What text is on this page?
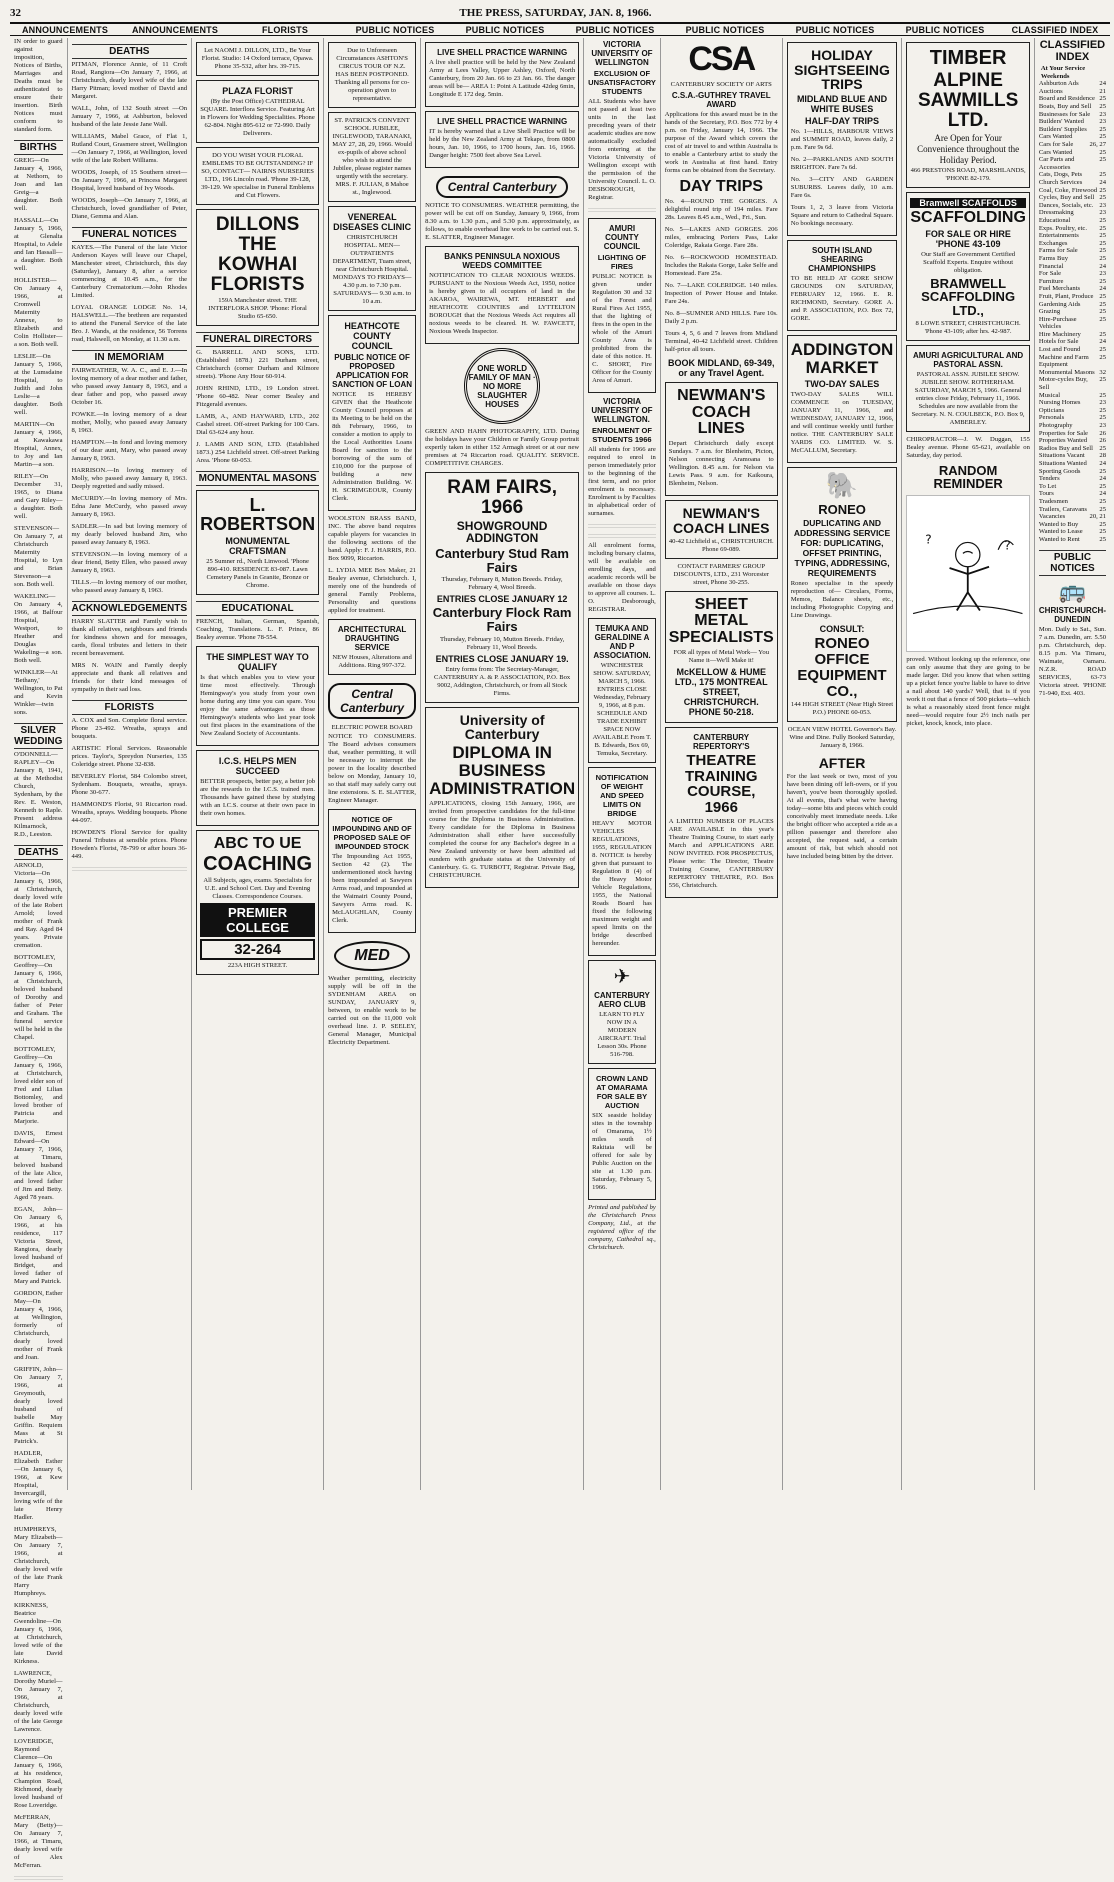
32	THE PRESS, SATURDAY, JAN. 8, 1966.
ANNOUNCEMENTS	ANNOUNCEMENTS	FLORISTS	PUBLIC NOTICES	PUBLIC NOTICES	PUBLIC NOTICES	PUBLIC NOTICES	PUBLIC NOTICES	PUBLIC NOTICES	CLASSIFIED INDEX

IN order to guard against imposition, Notices of Births, Marriages and Deaths must be authenticated to ensure their insertion. Birth Notices must conform to standard form.

BIRTHS

GREIG—On January 4, 1966, at Nethorn, to Joan and Ian Greig—a daughter. Both well.

HASSALL—On January 5, 1966, at Glenalta Hospital, to Adele and Ian Hassall—a daughter. Both well.

HOLLISTER—On January 4, 1966, at Cromwell Maternity Annexe, to Elizabeth and Colin Hollister—a son. Both well.

LESLIE—On January 5, 1966, at the Lumsdaine Hospital, to Judith and John Leslie—a daughter. Both well.

MARTIN—On January 4, 1966, at Kawakawa Hospital, Annex, to Joy and Ian Martin—a son.

RILEY—On December 31, 1965, to Diana and Gary Riley—a daughter. Both well.

STEVENSON—On January 7, at Christchurch Maternity Hospital, to Lyn and Brian Stevenson—a son. Both well.

WAKELING—On January 4, 1966, at Balfour Hospital, Westport, to Heather and Douglas Wakeling—a son. Both well.

WINKLER—At 'Bethany,' Wellington, to Pat and Kevin Winkler—twin sons.

SILVER WEDDING

O'DONNELL—RAPLEY—On January 8, 1941, at the Methodist Church, Sydenham, by the Rev. E. Weston, Kenneth to Raple. Present address Kilmarnock, R.D., Leeston.

DEATHS

ARNOLD, Victoria—On January 6, 1966, at Christchurch, dearly loved wife of the late Robert Arnold; loved mother of Frank and Ray. Aged 84 years. Private cremation.

BOTTOMLEY, Geoffrey—On January 6, 1966, at Christchurch, beloved husband of Dorothy and father of Peter and Graham. The funeral service will be held in the Chapel.

BOTTOMLEY, Geoffrey—On January 6, 1966, at Christchurch, loved elder son of Fred and Lilian Bottomley, and loved brother of Patricia and Marjorie.

DAVIS, Ernest Edward—On January 7, 1966, at Timaru, beloved husband of the late Alice, and loved father of Jim and Betty. Aged 78 years.

EGAN, John—On January 6, 1966, at his residence, 117 Victoria Street, Rangiora, dearly loved husband of Bridget, and loved father of Mary and Patrick.

GORDON, Esther May—On January 4, 1966, at Wellington, formerly of Christchurch, dearly loved mother of Frank and Joan.

GRIFFIN, John—On January 7, 1966, at Greymouth, dearly loved husband of Isabelle May Griffin. Requiem Mass at St Patrick's.

HADLER, Elizabeth Esther—On January 6, 1966, at Kew Hospital, Invercargill, loving wife of the late Henry Hadler.

HUMPHREYS, Mary Elizabeth—On January 7, 1966, at Christchurch, dearly loved wife of the late Frank Harry Humphreys.

KIRKNESS, Beatrice Gwendoline—On January 6, 1966, at Christchurch, loved wife of the late David Kirkness.

LAWRENCE, Dorothy Muriel—On January 7, 1966, at Christchurch, dearly loved wife of the late George Lawrence.

LOVERIDGE, Raymond Clarence—On January 6, 1966, at his residence, Champion Road, Richmond, dearly loved husband of Rose Loveridge.

McFERRAN, Mary (Betty)—On January 7, 1966, at Timaru, dearly loved wife of Alex McFerran.

DEATHS

PITMAN, Florence Annie, of 11 Croft Road, Rangiora—On January 7, 1966, at Christchurch, dearly loved wife of the late Harry Pitman; loved mother of David and Margaret.

WALL, John, of 132 South street —On January 7, 1966, at Ashburton, beloved husband of the late Jessie Jane Wall.

WILLIAMS, Mabel Grace, of Flat 1, Rutland Court, Grasmere street, Wellington—On January 7, 1966, at Wellington, loved wife of the late Robert Williams.

WOODS, Joseph, of 15 Southern street—On January 7, 1966, at Princess Margaret Hospital, loved husband of Ivy Woods.

WOODS, Joseph—On January 7, 1966, at Christchurch, loved grandfather of Peter, Diane, Gemma and Alan.

FUNERAL NOTICES

KAYES.—The Funeral of the late Victor Anderson Kayes will leave our Chapel, Manchester street, Christchurch, this day (Saturday), January 8, after a service commencing at 10.45 a.m., for the Canterbury Crematorium.—John Rhodes Limited.

LOYAL ORANGE LODGE No. 14, HALSWELL.—The brethren are requested to attend the Funeral Service of the late Bro. J. Wands, at the residence, 56 Torrens road, Halswell, on Monday, at 11.30 a.m.

IN MEMORIAM

FAIRWEATHER, W. A. C., and E. J.—In loving memory of a dear mother and father, who passed away January 8, 1963, and a dear father and pop, who passed away October 16.

FOWKE.—In loving memory of a dear mother, Molly, who passed away January 8, 1963.

HAMPTON.—In fond and loving memory of our dear aunt, Mary, who passed away January 8, 1963.

HARRISON.—In loving memory of Molly, who passed away January 8, 1963. Deeply regretted and sadly missed.

McCURDY.—In loving memory of Mrs. Edna Jane McCurdy, who passed away January 8, 1963.

SADLER.—In sad but loving memory of my dearly beloved husband Jim, who passed away January 8, 1963.

STEVENSON.—In loving memory of a dear friend, Betty Ellen, who passed away January 8, 1963.

TILLS.—In loving memory of our mother, who passed away January 8, 1963.

ACKNOWLEDGEMENTS

HARRY SLATTER and Family wish to thank all relatives, neighbours and friends for kindness shown and for messages, cards, floral tributes and letters in their recent bereavement.

MRS N. WAIN and Family deeply appreciate and thank all relatives and friends for their kind messages of sympathy in their sad loss.

FLORISTS

A. COX and Son. Complete floral service. Phone 23-492. Wreaths, sprays and bouquets.

ARTISTIC Floral Services. Reasonable prices. Taylor's, Spreydon Nurseries, 135 Coleridge street. Phone 32-838.

BEVERLEY Florist, 584 Colombo street, Sydenham. Bouquets, wreaths, sprays. Phone 30-677.

HAMMOND'S Florist, 91 Riccarton road. Wreaths, sprays. Wedding bouquets. Phone 44-097.

HOWDEN'S Floral Service for quality Funeral Tributes at sensible prices. Phone Howden's Florist, 78-799 or after hours 36-449.

Let NAOMI J. DILLON, LTD., Be Your Florist. Studio: 14 Oxford terrace, Opawa. Phone 35-532, after hrs. 39-715.

PLAZA FLORIST

(By the Post Office) CATHEDRAL SQUARE. Interflora Service. Featuring Art in Flowers for Wedding Specialities. Phone 62-804. Night 895-612 or 72-990. Daily Deliverers.

DO YOU WISH YOUR FLORAL EMBLEMS TO BE OUTSTANDING? IF SO, CONTACT— NAIRNS NURSERIES LTD., 196 Lincoln road. 'Phone 39-128, 39-129. We specialise in Funeral Emblems and Cut Flowers.

DILLONS THE KOWHAI FLORISTS

159A Manchester street. THE INTERFLORA SHOP. 'Phone: Floral Studio 65-650.

FUNERAL DIRECTORS

G. BARRELL AND SONS, LTD. (Established 1878.) 221 Durham street, Christchurch (corner Durham and Kilmore streets). 'Phone Any Hour 60-914.

JOHN RHIND, LTD., 19 London street. 'Phone 60-482. Near corner Bealey and Fitzgerald avenues.

LAMB, A., AND HAYWARD, LTD., 202 Cashel street. Off-street Parking for 100 Cars. Dial 63-624 any hour.

J. LAMB AND SON, LTD. (Established 1873.) 254 Lichfield street. Off-street Parking Area. 'Phone 60-053.

MONUMENTAL MASONS
L. ROBERTSON
MONUMENTAL CRAFTSMAN

25 Sumner rd., North Linwood. 'Phone 896-410. RESIDENCE 83-087. Lawn Cemetery Panels in Granite, Bronze or Chrome.

EDUCATIONAL

FRENCH, Italian, German, Spanish, Coaching, Translations. L. F. Prince, 86 Bealey avenue. 'Phone 78-554.

THE SIMPLEST WAY TO QUALIFY

Is that which enables you to view your time most effectively. Through Hemingway's you study from your own home during any time you can spare. You enjoy the same advantages as those Hemingway's students who last year took out first places in the examinations of the New Zealand Society of Accountants.

I.C.S. HELPS MEN SUCCEED

BETTER prospects, better pay, a better job are the rewards to the I.C.S. trained men. Thousands have gained these by studying with an I.C.S. course at their own pace in their own homes.

ABC TO UE
COACHING

All Subjects, ages, exams. Specialists for U.E. and School Cert. Day and Evening Classes. Correspondence Courses.

PREMIER COLLEGE
32-264

223A HIGH STREET.

Due to Unforeseen Circumstances ASHTON'S CIRCUS TOUR OF N.Z. HAS BEEN POSTPONED. Thanking all persons for co-operation given to representative.

ST. PATRICK'S CONVENT SCHOOL JUBILEE, INGLEWOOD, TARANAKI, MAY 27, 28, 29, 1966. Would ex-pupils of above school who wish to attend the Jubilee, please register names urgently with the secretary. MRS. F. JULIAN, 8 Mahoe st., Inglewood.

VENEREAL DISEASES CLINIC

CHRISTCHURCH HOSPITAL. MEN—OUTPATIENTS DEPARTMENT, Tuam street, near Christchurch Hospital. MONDAYS TO FRIDAYS— 4.30 p.m. to 7.30 p.m. SATURDAYS— 9.30 a.m. to 10 a.m.

HEATHCOTE COUNTY COUNCIL
PUBLIC NOTICE OF PROPOSED APPLICATION FOR SANCTION OF LOAN

NOTICE IS HEREBY GIVEN that the Heathcote County Council proposes at its Meeting to be held on the 8th February, 1966, to consider a motion to apply to the Local Authorities Loans Board for sanction to the borrowing of the sum of £10,000 for the purpose of building a new Administration Building. W. H. SCRIMGEOUR, County Clerk.

WOOLSTON BRASS BAND, INC. The above band requires capable players for vacancies in the following sections of the band. Apply: F. J. HARRIS, P.O. Box 9099, Riccarton.

L. LYDIA MEE Box Maker, 21 Bealey avenue, Christchurch. I, merely one of the hundreds of general Family Problems, Personality and questions applied for treatment.

ARCHITECTURAL DRAUGHTING SERVICE

NEW Houses, Alterations and Additions. Ring 997-372.

Central Canterbury
ELECTRIC POWER BOARD

NOTICE TO CONSUMERS. The Board advises consumers that, weather permitting, it will be necessary to interrupt the power in the locality described below on Monday, January 10, so that staff may safely carry out line extensions. S. E. SLATTER, Engineer Manager.

NOTICE OF IMPOUNDING AND OF PROPOSED SALE OF IMPOUNDED STOCK

The Impounding Act 1955, Section 42 (2). The undermentioned stock having been impounded at Sawyers Arms road, and impounded at the Waimairi County Pound, Sawyers Arms road. K. McLAUGHLAN, County Clerk.

MED

Weather permitting, electricity supply will be off in the SYDENHAM AREA on SUNDAY, JANUARY 9, between, to enable work to be carried out on the 11,000 volt overhead line. J. P. SEELEY, General Manager, Municipal Electricity Department.

LIVE SHELL PRACTICE WARNING

A live shell practice will be held by the New Zealand Army at Lees Valley, Upper Ashley, Oxford, North Canterbury, from 20 Jan. 66 to 23 Jan. 66. The danger areas will be— AREA 1: Point A Latitude 42deg 6min, Longitude E 172 deg. 5min.

LIVE SHELL PRACTICE WARNING

IT is hereby warned that a Live Shell Practice will be held by the New Zealand Army at Tekapo, from 0800 hours, Jan. 10, 1966, to 1700 hours, Jan. 16, 1966. Danger height: 7500 feet above Sea Level.

Central Canterbury

NOTICE TO CONSUMERS. WEATHER permitting, the power will be cut off on Sunday, January 9, 1966, from 8.30 a.m. to 1.30 p.m., and 5.30 p.m. approximately, as follows, to enable overhead line work to be carried out. S. E. SLATTER, Engineer Manager.

BANKS PENINSULA NOXIOUS WEEDS COMMITTEE

NOTIFICATION TO CLEAR NOXIOUS WEEDS. PURSUANT to the Noxious Weeds Act, 1950, notice is hereby given to all occupiers of land in the AKAROA, WAIREWA, MT. HERBERT and HEATHCOTE COUNTIES and LYTTELTON BOROUGH that the Noxious Weeds Act requires all noxious weeds to be cleared. H. W. FAWCETT, Noxious Weeds Inspector.

ONE WORLD FAMILY OF MAN · NO MORE SLAUGHTER HOUSES

GREEN AND HAHN PHOTOGRAPHY, LTD. During the holidays have your Children or Family Group portrait expertly taken in either 152 Armagh street or at our new premises at 74 Riccarton road. QUALITY. SERVICE. COMPETITIVE CHARGES.

RAM FAIRS, 1966
SHOWGROUND ADDINGTON
Canterbury Stud Ram Fairs

Thursday, February 8, Mutton Breeds. Friday, February 4, Wool Breeds.

ENTRIES CLOSE JANUARY 12
Canterbury Flock Ram Fairs

Thursday, February 10, Mutton Breeds. Friday, February 11, Wool Breeds.

ENTRIES CLOSE JANUARY 19.

Entry forms from: The Secretary-Manager, CANTERBURY A. & P. ASSOCIATION, P.O. Box 9002, Addington, Christchurch, or from all Stock Firms.

University of Canterbury
DIPLOMA IN BUSINESS ADMINISTRATION

APPLICATIONS, closing 15th January, 1966, are invited from prospective candidates for the full-time course for the Diploma in Business Administration. Every candidate for the Diploma in Business Administration shall either have successfully completed the course for any Bachelor's degree in a New Zealand university or have been admitted ad eundem with graduate status at the University of Canterbury. G. G. TURBOTT, Registrar. Private Bag, CHRISTCHURCH.

VICTORIA UNIVERSITY OF WELLINGTON
EXCLUSION OF UNSATISFACTORY STUDENTS

ALL Students who have not passed at least two units in the last preceding years of their academic studies are now automatically excluded from entering at the Victoria University of Wellington except with the permission of the University Council. L. O. DESBOROUGH, Registrar.

AMURI COUNTY COUNCIL
LIGHTING OF FIRES

PUBLIC NOTICE is given under Regulation 30 and 32 of the Forest and Rural Fires Act 1955, that the lighting of fires in the open in the whole of the Amuri County Area is prohibited from the date of this notice. H. C. SHORT, Fire Officer for the County Area of Amuri.

VICTORIA UNIVERSITY OF WELLINGTON.
ENROLMENT OF STUDENTS 1966

All students for 1966 are required to enrol in person immediately prior to the beginning of the first term, and no prior enrolment is necessary. Enrolment is by Faculties in alphabetical order of surnames.

All enrolment forms, including bursary claims, will be available on enrolling days, and academic records will be available on those days to approve all courses. L. O. Desborough, REGISTRAR.

TEMUKA AND GERALDINE A AND P ASSOCIATION.

WINCHESTER SHOW. SATURDAY, MARCH 5, 1966. ENTRIES CLOSE Wednesday, February 9, 1966, at 8 p.m. SCHEDULE AND TRADE EXHIBIT SPACE NOW AVAILABLE From T. B. Edwards, Box 69, Temuka, Secretary.

NOTIFICATION OF WEIGHT AND SPEED LIMITS ON BRIDGE

HEAVY MOTOR VEHICLES REGULATIONS, 1955, REGULATION 8. NOTICE is hereby given that pursuant to Regulation 8 (4) of the Heavy Motor Vehicle Regulations, 1955, the National Roads Board has fixed the following maximum weight and speed limits on the bridge described hereunder.

✈
CANTERBURY AERO CLUB

LEARN TO FLY NOW IN A MODERN AIRCRAFT. Trial Lesson 30s. Phone 516-798.

CROWN LAND AT OMARAMA FOR SALE BY AUCTION

SIX seaside holiday sites in the township of Omarama, 1½ miles south of Rakitaia will be offered for sale by Public Auction on the site at 1.30 p.m. Saturday, February 5, 1966.

Printed and published by the Christchurch Press Company, Ltd., at the registered office of the company, Cathedral sq., Christchurch.

CSA
CANTERBURY SOCIETY OF ARTS
C.S.A.-GUTHREY TRAVEL AWARD

Applications for this award must be in the hands of the Secretary, P.O. Box 772 by 4 p.m. on Friday, January 14, 1966. The purpose of the Award which covers the cost of air travel to and within Australia is to enable a Canterbury artist to study the work in Australia at first hand. Entry forms can be obtained from the Secretary.

DAY TRIPS

No. 4—ROUND THE GORGES. A delightful round trip of 194 miles. Fare 28s. Leaves 8.45 a.m., Wed., Fri., Sun.

No. 5—LAKES AND GORGES. 206 miles, embracing Porters Pass, Lake Coleridge, Rakaia Gorge. Fare 28s.

No. 6—ROCKWOOD HOMESTEAD. Includes the Rakaia Gorge, Lake Selfe and Homestead. Fare 25s.

No. 7—LAKE COLERIDGE. 140 miles. Inspection of Power House and Intake. Fare 24s.

No. 8—SUMNER AND HILLS. Fare 10s. Daily 2 p.m.

Tours 4, 5, 6 and 7 leaves from Midland Terminal, 40-42 Lichfield street. Children half-price all tours.

BOOK MIDLAND, 69-349, or any Travel Agent.
NEWMAN'S COACH LINES

Depart Christchurch daily except Sundays. 7 a.m. for Blenheim, Picton, Nelson connecting Aramoana to Wellington. 8.45 a.m. for Nelson via Lewis Pass. 9 a.m. for Kaikoura, Blenheim, Nelson.

NEWMAN'S COACH LINES

40-42 Lichfield st., CHRISTCHURCH. Phone 69-089.

CONTACT FARMERS' GROUP DISCOUNTS, LTD., 231 Worcester street, Phone 30-255.

SHEET METAL SPECIALISTS

FOR all types of Metal Work— You Name it—We'll Make it!

McKELLOW & HUME LTD., 175 MONTREAL STREET, CHRISTCHURCH. PHONE 50-218.
CANTERBURY REPERTORY'S
THEATRE TRAINING COURSE, 1966

A LIMITED NUMBER OF PLACES ARE AVAILABLE in this year's Theatre Training Course, to start early March and APPLICATIONS ARE NOW INVITED. FOR PROSPECTUS, Please write: The Director, Theatre Training Course, CANTERBURY REPERTORY THEATRE, P.O. Box 556, Christchurch.

HOLIDAY SIGHTSEEING TRIPS
MIDLAND BLUE AND WHITE BUSES
HALF-DAY TRIPS

No. 1—HILLS, HARBOUR VIEWS and SUMMIT ROAD, leaves daily, 2 p.m. Fare 9s 6d.

No. 2—PARKLANDS AND SOUTH BRIGHTON. Fare 7s 6d.

No. 3—CITY AND GARDEN SUBURBS. Leaves daily, 10 a.m. Fare 6s.

Tours 1, 2, 3 leave from Victoria Square and return to Cathedral Square. No bookings necessary.

SOUTH ISLAND SHEARING CHAMPIONSHIPS

TO BE HELD AT GORE SHOW GROUNDS ON SATURDAY, FEBRUARY 12, 1966. E. R. RICHMOND, Secretary. GORE A. and P. ASSOCIATION, P.O. Box 72, GORE.

ADDINGTON MARKET
TWO-DAY SALES

TWO-DAY SALES WILL COMMENCE on TUESDAY, JANUARY 11, 1966, and WEDNESDAY, JANUARY 12, 1966, and will continue weekly until further notice. THE CANTERBURY SALE YARDS CO. LIMITED. W. S. McCALLUM, Secretary.

🐘
RONEO
DUPLICATING AND ADDRESSING SERVICE FOR: DUPLICATING, OFFSET PRINTING, TYPING, ADDRESSING, REQUIREMENTS

Roneo specialise in the speedy reproduction of— Circulars, Forms, Memos, Balance sheets, etc., including Photographic Copying and Line Drawings.

CONSULT:
RONEO OFFICE EQUIPMENT CO.,

144 HIGH STREET (Near High Street P.O.) PHONE 60-053.

OCEAN VIEW HOTEL Governor's Bay. Wine and Dine. Fully Booked Saturday, January 8, 1966.

AFTER

For the last week or two, most of you have been dining off left-overs, or if you haven't, you've been thoroughly spoiled. At all events, that's what we're having today—some bits and pieces which could conceivably meet immediate needs. Like the bright officer who accepted a ride as a pillion passenger and therefore also accepted, the request said, a certain amount of risk, but which should not have included being bitten by the driver.

TIMBER
ALPINE SAWMILLS LTD.

Are Open for Your Convenience throughout the Holiday Period.

466 PRESTONS ROAD, MARSHLANDS, 'PHONE 82-179.

Bramwell SCAFFOLDS
SCAFFOLDING
FOR SALE OR HIRE 'PHONE 43-109

Our Staff are Government Certified Scaffold Experts. Enquire without obligation.

BRAMWELL SCAFFOLDING LTD.,

8 LOWE STREET, CHRISTCHURCH. 'Phone 43-109; after hrs. 42-987.

AMURI AGRICULTURAL AND PASTORAL ASSN.

PASTORAL ASSN. JUBILEE SHOW. JUBILEE SHOW. ROTHERHAM. SATURDAY, MARCH 5, 1966. General entries close Friday, February 11, 1966. Schedules are now available from the Secretary. N. N. COULBECK, P.O. Box 9, AMBERLEY.

CHIROPRACTOR—J. W. Duggan, 155 Bealey avenue. Phone 65-621, available on Saturday, day period.

RANDOM REMINDER
?
?

proved. Without looking up the reference, one can only assume that they are going to be made larger. Did you know that when setting up a picket fence you're liable to have to drive a nail about 140 yards? Well, that is if you work it out that a fence of 500 pickets—which is what a reasonably sized front fence might need—would require four 2½ inch nails per picket, knock, knock, into place.

CLASSIFIED INDEX
At Your Service Weekends
Ashburton Ads	24
Auctions	21
Board and Residence 25
Boats, Buy and Sell	25
Businesses for Sale	23
Builders' Wanted	23
Builders' Supplies	25
Cars Wanted	25
Cars for Sale	26, 27
Cars Wanted	25
Car Parts and Accessories
25
Cats, Dogs, Pets	25
Church Services	24
Coal, Coke, Firewood 25
Cycles, Buy and Sell 25
Dances, Socials, etc. 23
Dressmaking	23
Educational	25
Exps. Poultry, etc.	25
Entertainments	25
Exchanges	25
Farms for Sale	25
Farms Buy	25
Financial	24
For Sale	23
Furniture	25
Fuel Merchants	24
Fruit, Plant, Produce 25
Gardening Aids	25
Grazing	25
Hire-Purchase Vehicles
25
Hire Machinery	25
Hotels for Sale	24
Lost and Found	25
Machine and Farm Equipment
25
Monumental Masons 32
Motor-cycles Buy, Sell
25
Musical	25
Nursing Homes	23
Opticians	25
Personals	25
Photography	23
Properties for Sale	26
Properties Wanted	26
Radios Buy and Sell 25
Situations Vacant	28
Situations Wanted	24
Sporting Goods	25
Tenders	24
To Let	25
Tours	24
Tradesmen	25
Trailers, Caravans	25
Vacancies	20, 21
Wanted to Buy	25
Wanted to Lease	25
Wanted to Rent	25
PUBLIC NOTICES
🚌
CHRISTCHURCH-DUNEDIN

Mon. Daily to Sat., Sun. 7 a.m. Dunedin, arr. 5.50 p.m. Christchurch, dep. 8.15 p.m. Via Timaru, Waimate, Oamaru. N.Z.R. ROAD SERVICES, 63-73 Victoria street. 'PHONE 71-940, Ext. 403.
